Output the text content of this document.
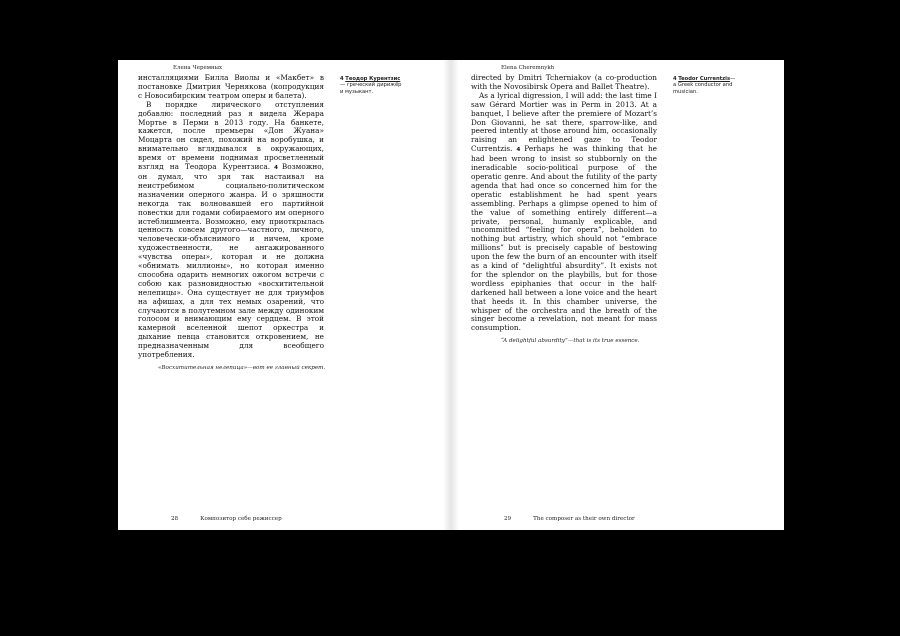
Елена Черемных

инсталляциями Билла Виолы и «Макбет» в постановке Дмитрия Чернякова (копродукция с Новосибирским театром оперы и балета).

В порядке лирического отступления добавлю: последний раз я видела Жерара Мортье в Перми в 2013 году. На банкете, кажется, после премьеры «Дон Жуана» Моцарта он сидел, похожий на воробушка, и внимательно вглядывался в окружающих, время от времени поднимая просветленный взгляд на Теодора Курентзиса. 4 Возможно, он думал, что зря так настаивал на неистребимом социально-политическом назначении оперного жанра. И о зряшности некогда так волновавшей его партийной повестки для годами собираемого им оперного истеблишмента. Возможно, ему приоткрылась ценность совсем другого—частного, личного, человечески-объяснимого и ничем, кроме художественности, не ангажированного «чувства оперы», которая и не должна «обнимать миллионы», но которая именно способна одарить немногих ожогом встречи с собою как разновидностью «восхитительной нелепицы». Она существует не для триумфов на афишах, а для тех немых озарений, что случаются в полутемном зале между одиноким голосом и внимающим ему сердцем. В этой камерной вселенной шепот оркестра и дыхание певца становятся откровением, не предназначенным для всеобщего употребления.

4 Теодор Курентзис— греческий дирижёр и музыкант.
«Восхитительная нелепица»—вот ее главный секрет.
28	Композитор себе режиссер
Elena Cheremnykh

directed by Dmitri Tcherniakov (a co-production with the Novosibirsk Opera and Ballet Theatre).

As a lyrical digression, I will add: the last time I saw Gérard Mortier was in Perm in 2013. At a banquet, I believe after the premiere of Mozart’s Don Giovanni, he sat there, sparrow-like, and peered intently at those around him, occasionally raising an enlightened gaze to Teodor Currentzis. 4 Perhaps he was thinking that he had been wrong to insist so stubbornly on the ineradicable socio-political purpose of the operatic genre. And about the futility of the party agenda that had once so concerned him for the operatic establishment he had spent years assembling. Perhaps a glimpse opened to him of the value of something entirely different—a private, personal, humanly explicable, and uncommitted “feeling for opera”, beholden to nothing but artistry, which should not “embrace millions” but is precisely capable of bestowing upon the few the burn of an encounter with itself as a kind of “delightful absurdity”. It exists not for the splendor on the playbills, but for those wordless epiphanies that occur in the half-darkened hall between a lone voice and the heart that heeds it. In this chamber universe, the whisper of the orchestra and the breath of the singer become a revelation, not meant for mass consumption.

4 Teodor Currentzis— a Greek conductor and musician.
“A delightful absurdity”—that is its true essence.
29	The composer as their own director
